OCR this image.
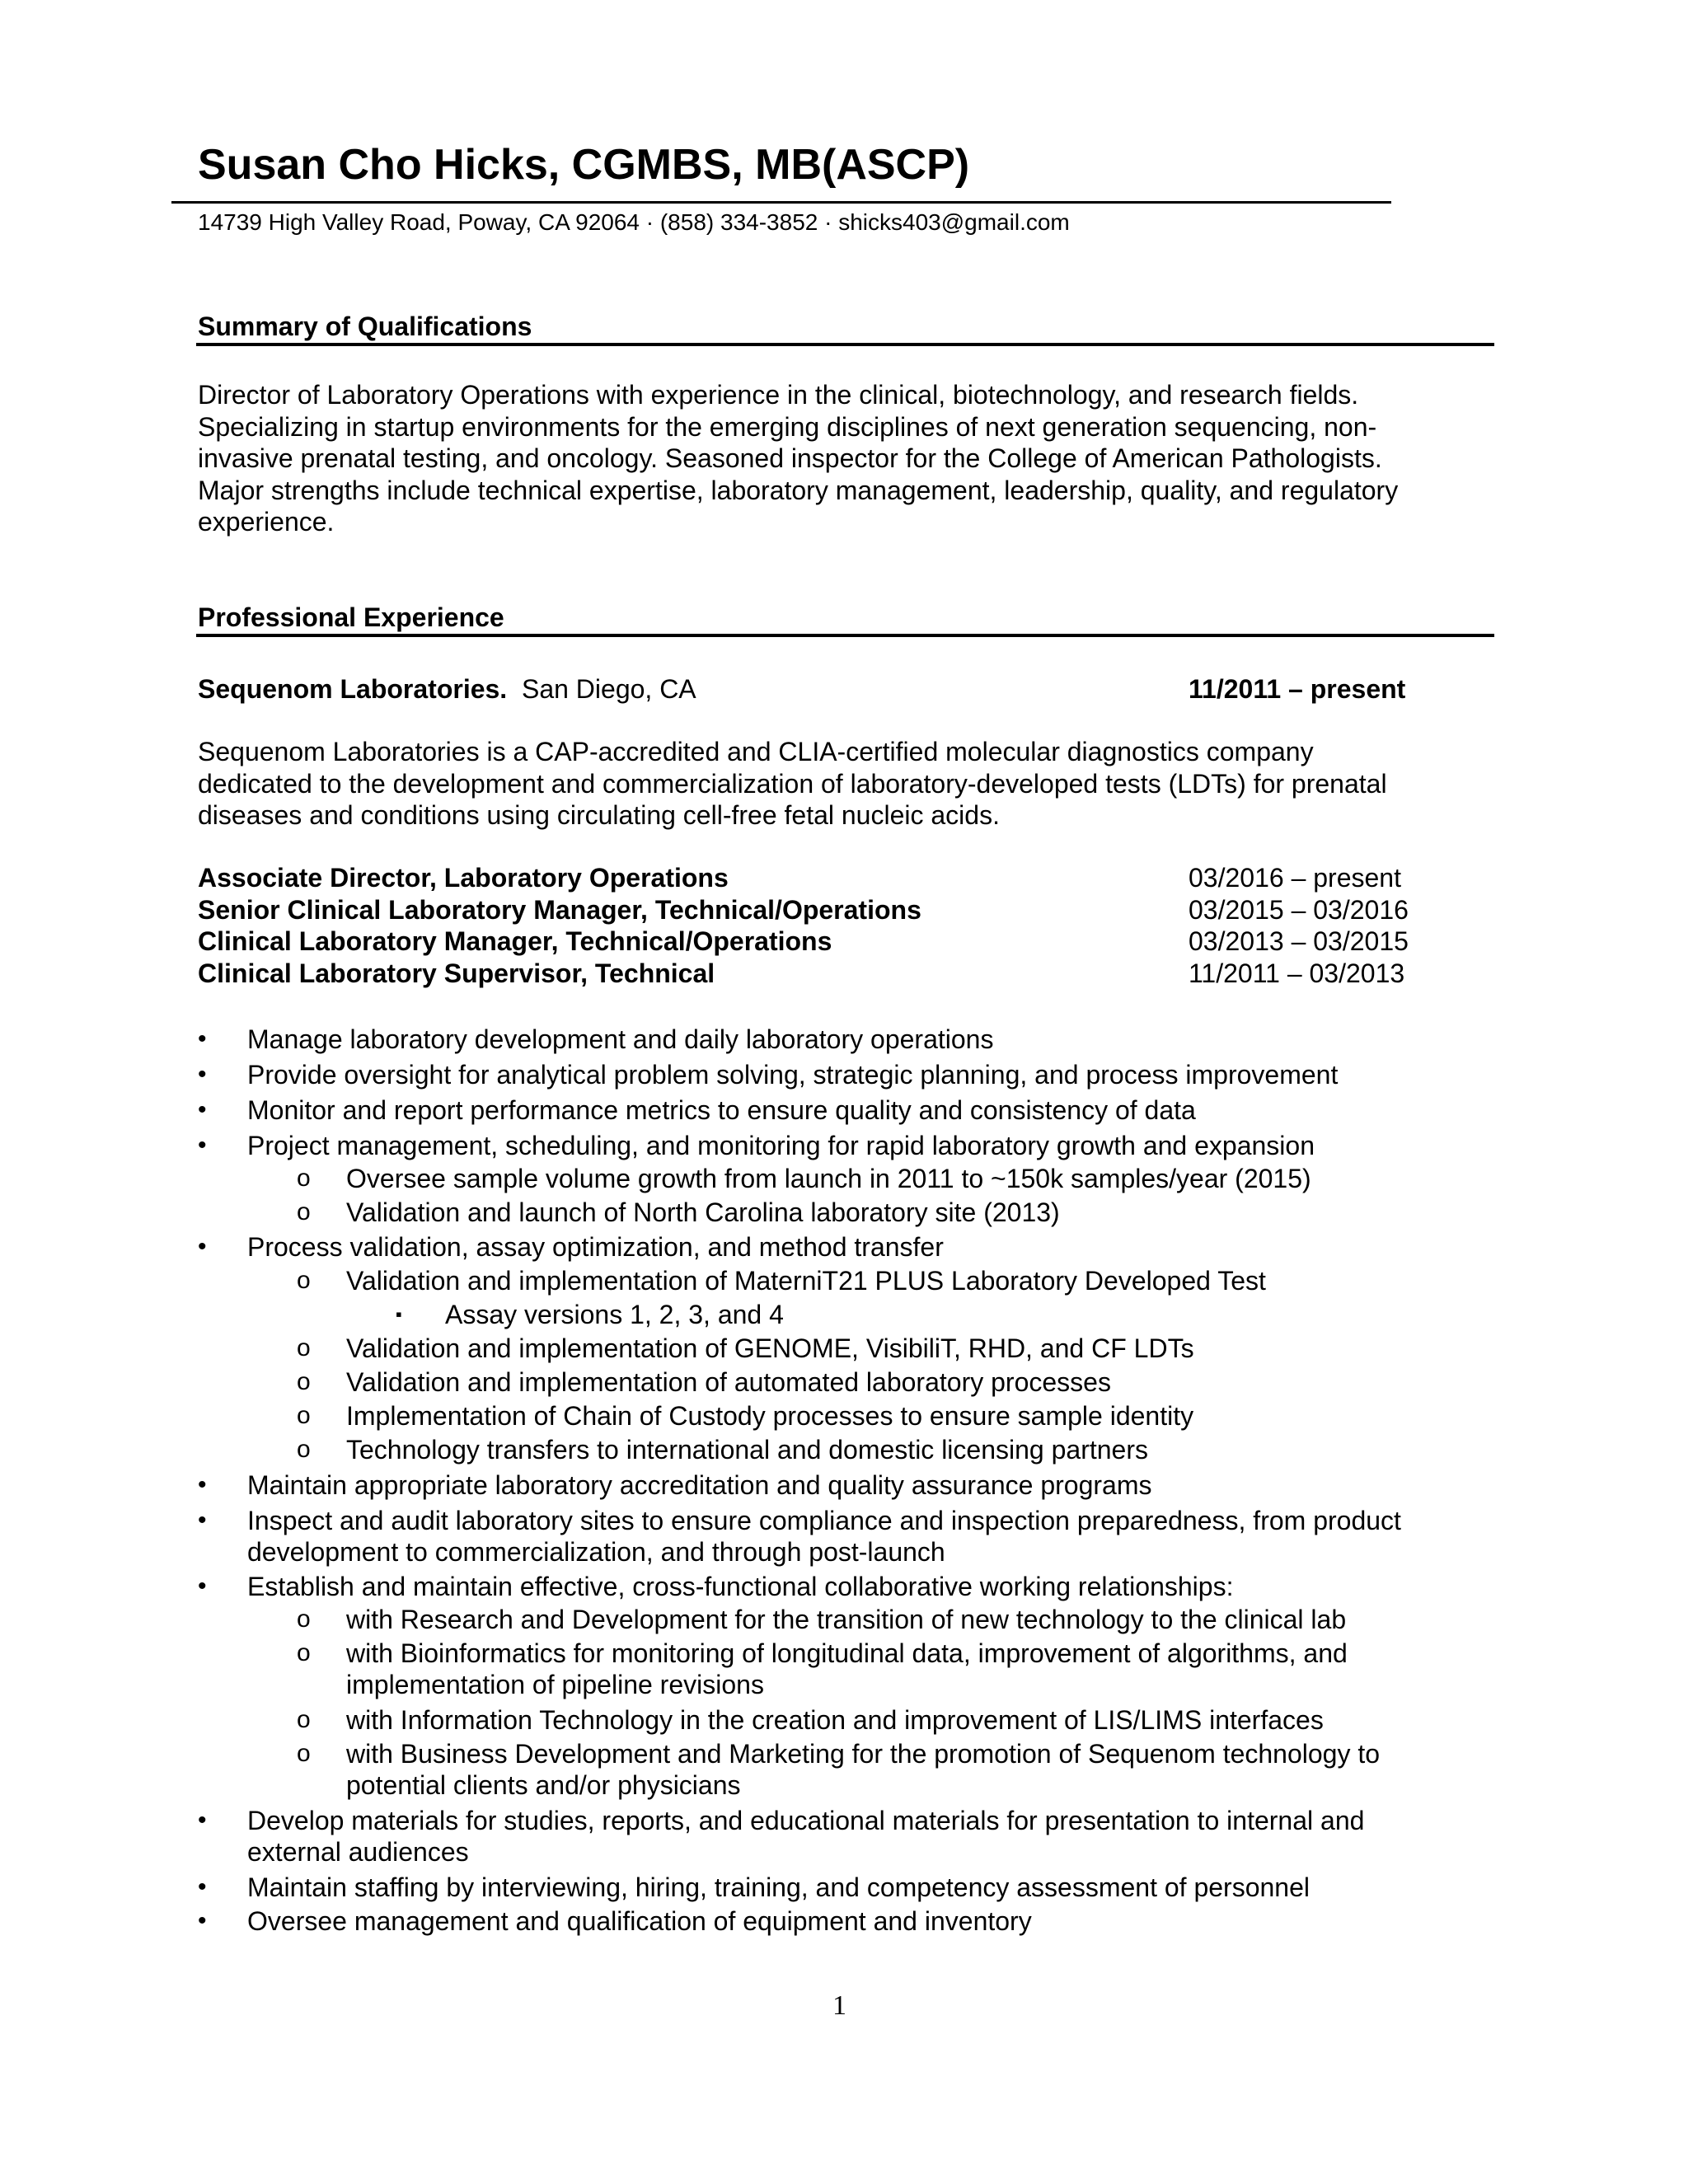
Susan Cho Hicks, CGMBS, MB(ASCP)
14739 High Valley Road, Poway, CA 92064 · (858) 334-3852 · shicks403@gmail.com
Summary of Qualifications
Director of Laboratory Operations with experience in the clinical, biotechnology, and research fields.
Specializing in startup environments for the emerging disciplines of next generation sequencing, non-
invasive prenatal testing, and oncology. Seasoned inspector for the College of American Pathologists.
Major strengths include technical expertise, laboratory management, leadership, quality, and regulatory
experience.
Professional Experience
Sequenom Laboratories. San Diego, CA	11/2011 – present
Sequenom Laboratories is a CAP-accredited and CLIA-certified molecular diagnostics company
dedicated to the development and commercialization of laboratory-developed tests (LDTs) for prenatal
diseases and conditions using circulating cell-free fetal nucleic acids.
Associate Director, Laboratory Operations	03/2016 – present
Senior Clinical Laboratory Manager, Technical/Operations	03/2015 – 03/2016
Clinical Laboratory Manager, Technical/Operations	03/2013 – 03/2015
Clinical Laboratory Supervisor, Technical	11/2011 – 03/2013
• Manage laboratory development and daily laboratory operations
• Provide oversight for analytical problem solving, strategic planning, and process improvement
• Monitor and report performance metrics to ensure quality and consistency of data
• Project management, scheduling, and monitoring for rapid laboratory growth and expansion
o Oversee sample volume growth from launch in 2011 to ~150k samples/year (2015)
o Validation and launch of North Carolina laboratory site (2013)
• Process validation, assay optimization, and method transfer
o Validation and implementation of MaterniT21 PLUS Laboratory Developed Test
▪ Assay versions 1, 2, 3, and 4
o Validation and implementation of GENOME, VisibiliT, RHD, and CF LDTs
o Validation and implementation of automated laboratory processes
o Implementation of Chain of Custody processes to ensure sample identity
o Technology transfers to international and domestic licensing partners
• Maintain appropriate laboratory accreditation and quality assurance programs
• Inspect and audit laboratory sites to ensure compliance and inspection preparedness, from product
development to commercialization, and through post-launch
• Establish and maintain effective, cross-functional collaborative working relationships:
o with Research and Development for the transition of new technology to the clinical lab
o with Bioinformatics for monitoring of longitudinal data, improvement of algorithms, and
implementation of pipeline revisions
o with Information Technology in the creation and improvement of LIS/LIMS interfaces
o with Business Development and Marketing for the promotion of Sequenom technology to
potential clients and/or physicians
• Develop materials for studies, reports, and educational materials for presentation to internal and
external audiences
• Maintain staffing by interviewing, hiring, training, and competency assessment of personnel
• Oversee management and qualification of equipment and inventory
1
